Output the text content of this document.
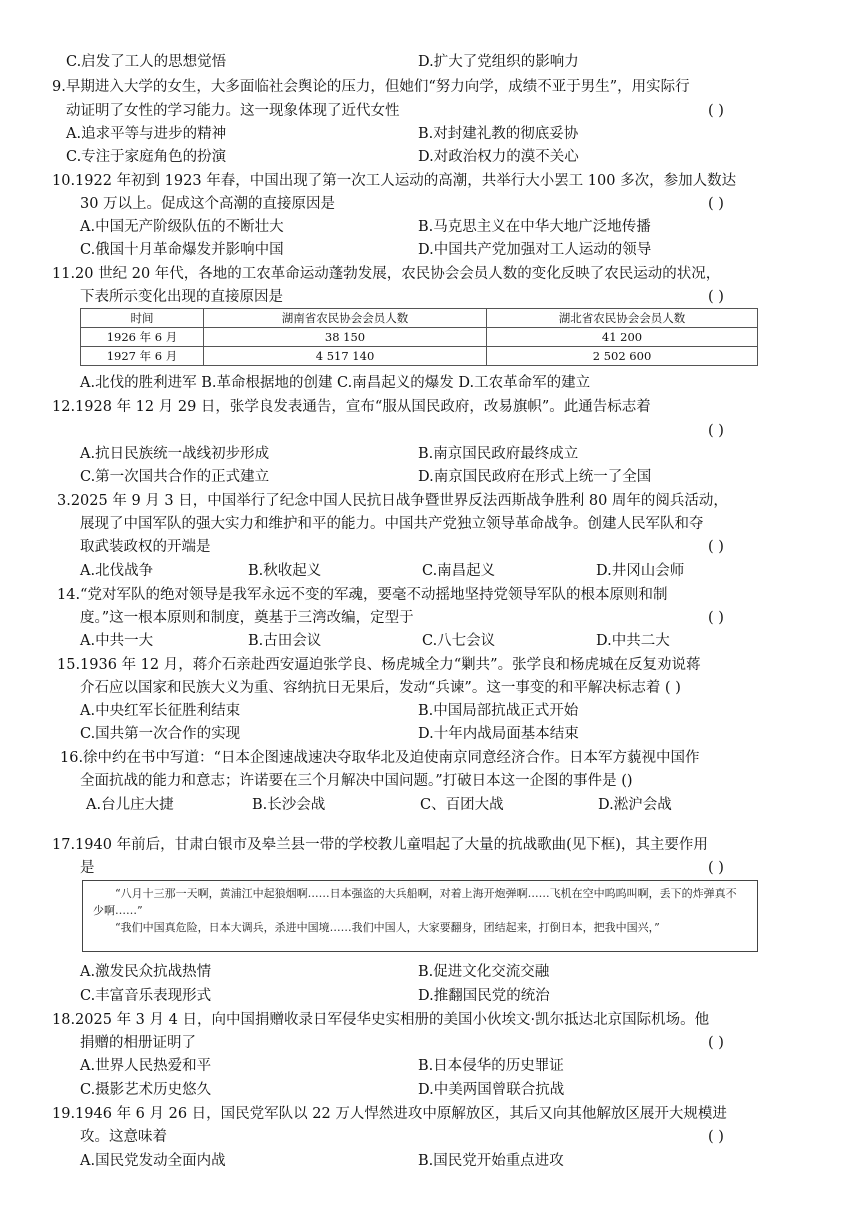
C.启发了工人的思想觉悟	D.扩大了党组织的影响力
9.早期进入大学的女生，大多面临社会舆论的压力，但她们“努力向学，成绩不亚于男生”，用实际行
动证明了女性的学习能力。这一现象体现了近代女性	( )
A.追求平等与进步的精神	B.对封建礼教的彻底妥协
C.专注于家庭角色的扮演	D.对政治权力的漠不关心
10.1922 年初到 1923 年春，中国出现了第一次工人运动的高潮，共举行大小罢工 100 多次，参加人数达
30 万以上。促成这个高潮的直接原因是	( )
A.中国无产阶级队伍的不断壮大	B.马克思主义在中华大地广泛地传播
C.俄国十月革命爆发并影响中国	D.中国共产党加强对工人运动的领导
11.20 世纪 20 年代，各地的工农革命运动蓬勃发展，农民协会会员人数的变化反映了农民运动的状况，
下表所示变化出现的直接原因是	( )
时间	湖南省农民协会会员人数	湖北省农民协会会员人数
1926 年 6 月	38 150	41 200
1927 年 6 月	4 517 140	2 502 600
A.北伐的胜利进军 B.革命根据地的创建 C.南昌起义的爆发 D.工农革命军的建立
12.1928 年 12 月 29 日，张学良发表通告，宣布“服从国民政府，改易旗帜”。此通告标志着
( )
A.抗日民族统一战线初步形成	B.南京国民政府最终成立
C.第一次国共合作的正式建立	D.南京国民政府在形式上统一了全国
3.2025 年 9 月 3 日，中国举行了纪念中国人民抗日战争暨世界反法西斯战争胜利 80 周年的阅兵活动，
展现了中国军队的强大实力和维护和平的能力。中国共产党独立领导革命战争。创建人民军队和夺
取武装政权的开端是	( )
A.北伐战争	B.秋收起义	C.南昌起义	D.井冈山会师
14.“党对军队的绝对领导是我军永远不变的军魂，要毫不动摇地坚持党领导军队的根本原则和制
度。”这一根本原则和制度，奠基于三湾改编，定型于	( )
A.中共一大	B.古田会议	C.八七会议	D.中共二大
15.1936 年 12 月，蒋介石亲赴西安逼迫张学良、杨虎城全力“剿共”。张学良和杨虎城在反复劝说蒋
介石应以国家和民族大义为重、容纳抗日无果后，发动“兵谏”。这一事变的和平解决标志着 ( )
A.中央红军长征胜利结束	B.中国局部抗战正式开始
C.国共第一次合作的实现	D.十年内战局面基本结束
16.徐中约在书中写道：“日本企图速战速决夺取华北及迫使南京同意经济合作。日本军方藐视中国作
全面抗战的能力和意志；许诺要在三个月解决中国问题。”打破日本这一企图的事件是 ()
A.台儿庄大捷	B.长沙会战	C、百团大战	D.淞沪会战
17.1940 年前后，甘肃白银市及皋兰县一带的学校教儿童唱起了大量的抗战歌曲(见下框)，其主要作用
是	( )

“八月十三那一天啊，黄浦江中起狼烟啊……日本强盗的大兵船啊，对着上海开炮弹啊……飞机在空中呜呜叫啊，丢下的炸弹真不少啊……”

“我们中国真危险，日本大调兵，杀进中国境……我们中国人，大家要翻身，团结起来，打倒日本，把我中国兴，”

A.激发民众抗战热情	B.促进文化交流交融
C.丰富音乐表现形式	D.推翻国民党的统治
18.2025 年 3 月 4 日，向中国捐赠收录日军侵华史实相册的美国小伙埃文·凯尔抵达北京国际机场。他
捐赠的相册证明了	( )
A.世界人民热爱和平	B.日本侵华的历史罪证
C.摄影艺术历史悠久	D.中美两国曾联合抗战
19.1946 年 6 月 26 日，国民党军队以 22 万人悍然进攻中原解放区，其后又向其他解放区展开大规模进
攻。这意味着	( )
A.国民党发动全面内战	B.国民党开始重点进攻
